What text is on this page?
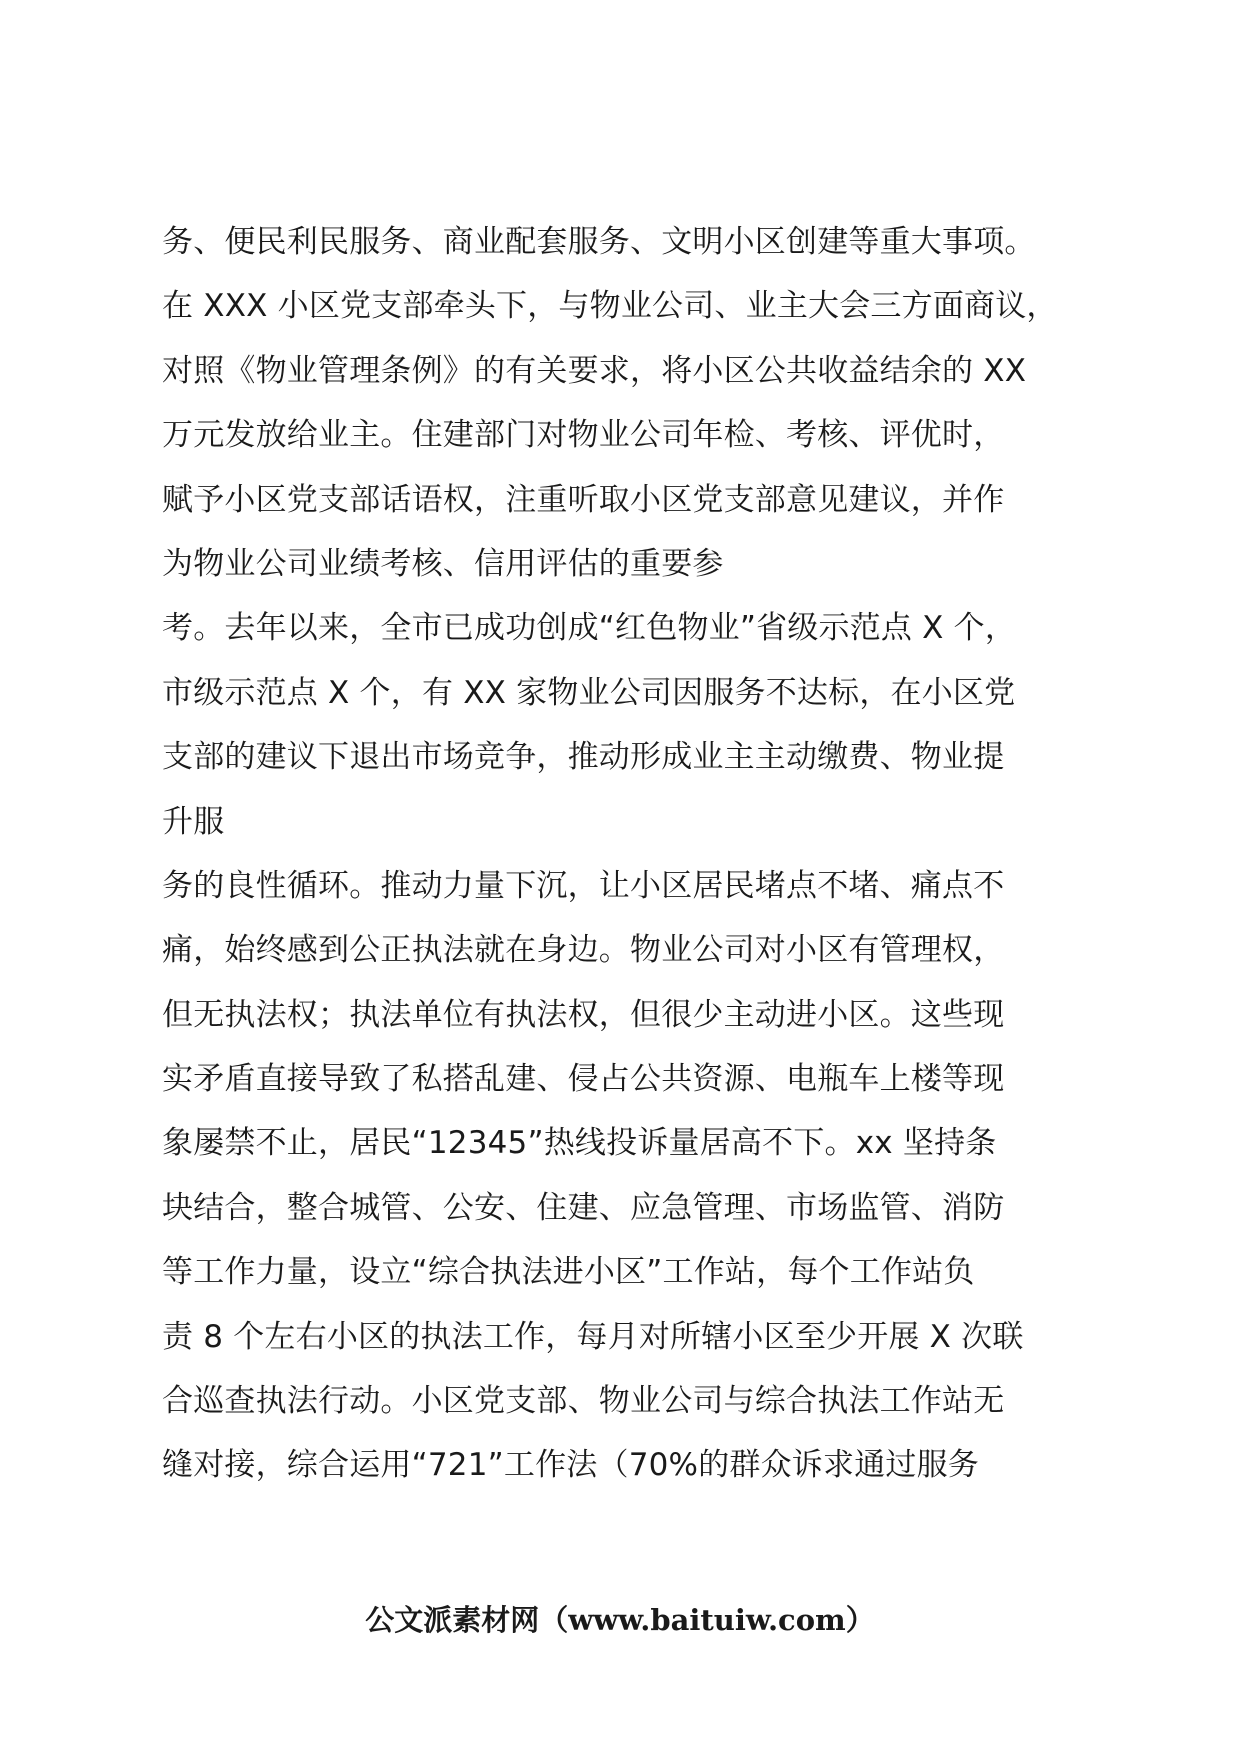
务、便民利民服务、商业配套服务、文明小区创建等重大事项。
在 XXX 小区党支部牵头下，与物业公司、业主大会三方面商议，
对照《物业管理条例》的有关要求，将小区公共收益结余的 XX
万元发放给业主。住建部门对物业公司年检、考核、评优时，
赋予小区党支部话语权，注重听取小区党支部意见建议，并作
为物业公司业绩考核、信用评估的重要参
考。去年以来，全市已成功创成“红色物业”省级示范点 X 个，
市级示范点 X 个，有 XX 家物业公司因服务不达标，在小区党
支部的建议下退出市场竞争，推动形成业主主动缴费、物业提
升服
务的良性循环。推动力量下沉，让小区居民堵点不堵、痛点不
痛，始终感到公正执法就在身边。物业公司对小区有管理权，
但无执法权；执法单位有执法权，但很少主动进小区。这些现
实矛盾直接导致了私搭乱建、侵占公共资源、电瓶车上楼等现
象屡禁不止，居民“12345”热线投诉量居高不下。xx 坚持条
块结合，整合城管、公安、住建、应急管理、市场监管、消防
等工作力量，设立“综合执法进小区”工作站，每个工作站负
责 8 个左右小区的执法工作，每月对所辖小区至少开展 X 次联
合巡查执法行动。小区党支部、物业公司与综合执法工作站无
缝对接，综合运用“721”工作法（70%的群众诉求通过服务
公文派素材网（www.baituiw.com）
